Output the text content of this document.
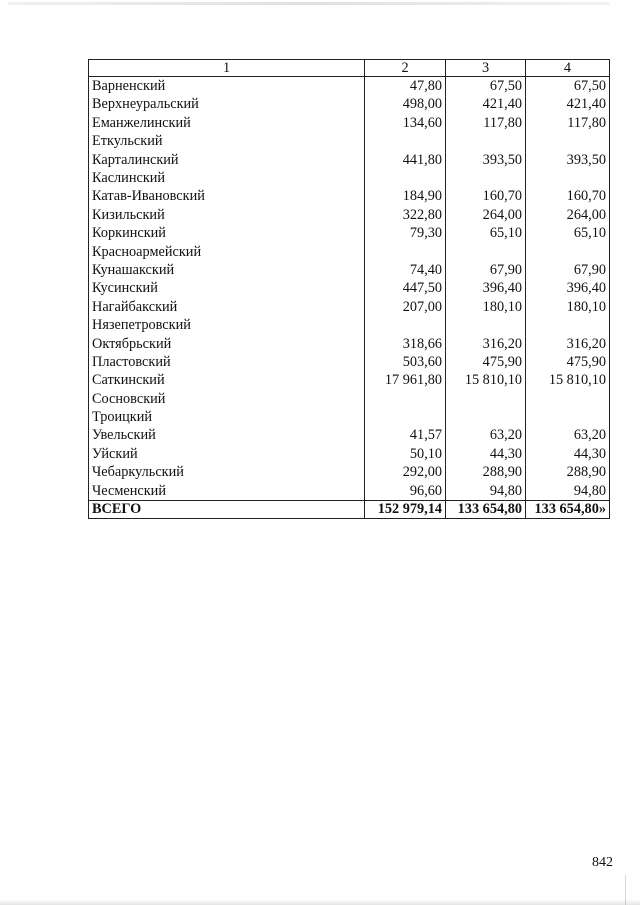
1	2	3	4
Варненский	47,80	67,50	67,50
Верхнеуральский	498,00	421,40	421,40
Еманжелинский	134,60	117,80	117,80
Еткульский			
Карталинский	441,80	393,50	393,50
Каслинский			
Катав-Ивановский	184,90	160,70	160,70
Кизильский	322,80	264,00	264,00
Коркинский	79,30	65,10	65,10
Красноармейский			
Кунашакский	74,40	67,90	67,90
Кусинский	447,50	396,40	396,40
Нагайбакский	207,00	180,10	180,10
Нязепетровский			
Октябрьский	318,66	316,20	316,20
Пластовский	503,60	475,90	475,90
Саткинский	17 961,80	15 810,10	15 810,10
Сосновский			
Троицкий			
Увельский	41,57	63,20	63,20
Уйский	50,10	44,30	44,30
Чебаркульский	292,00	288,90	288,90
Чесменский	96,60	94,80	94,80
ВСЕГО	152 979,14	133 654,80	133 654,80»
842
